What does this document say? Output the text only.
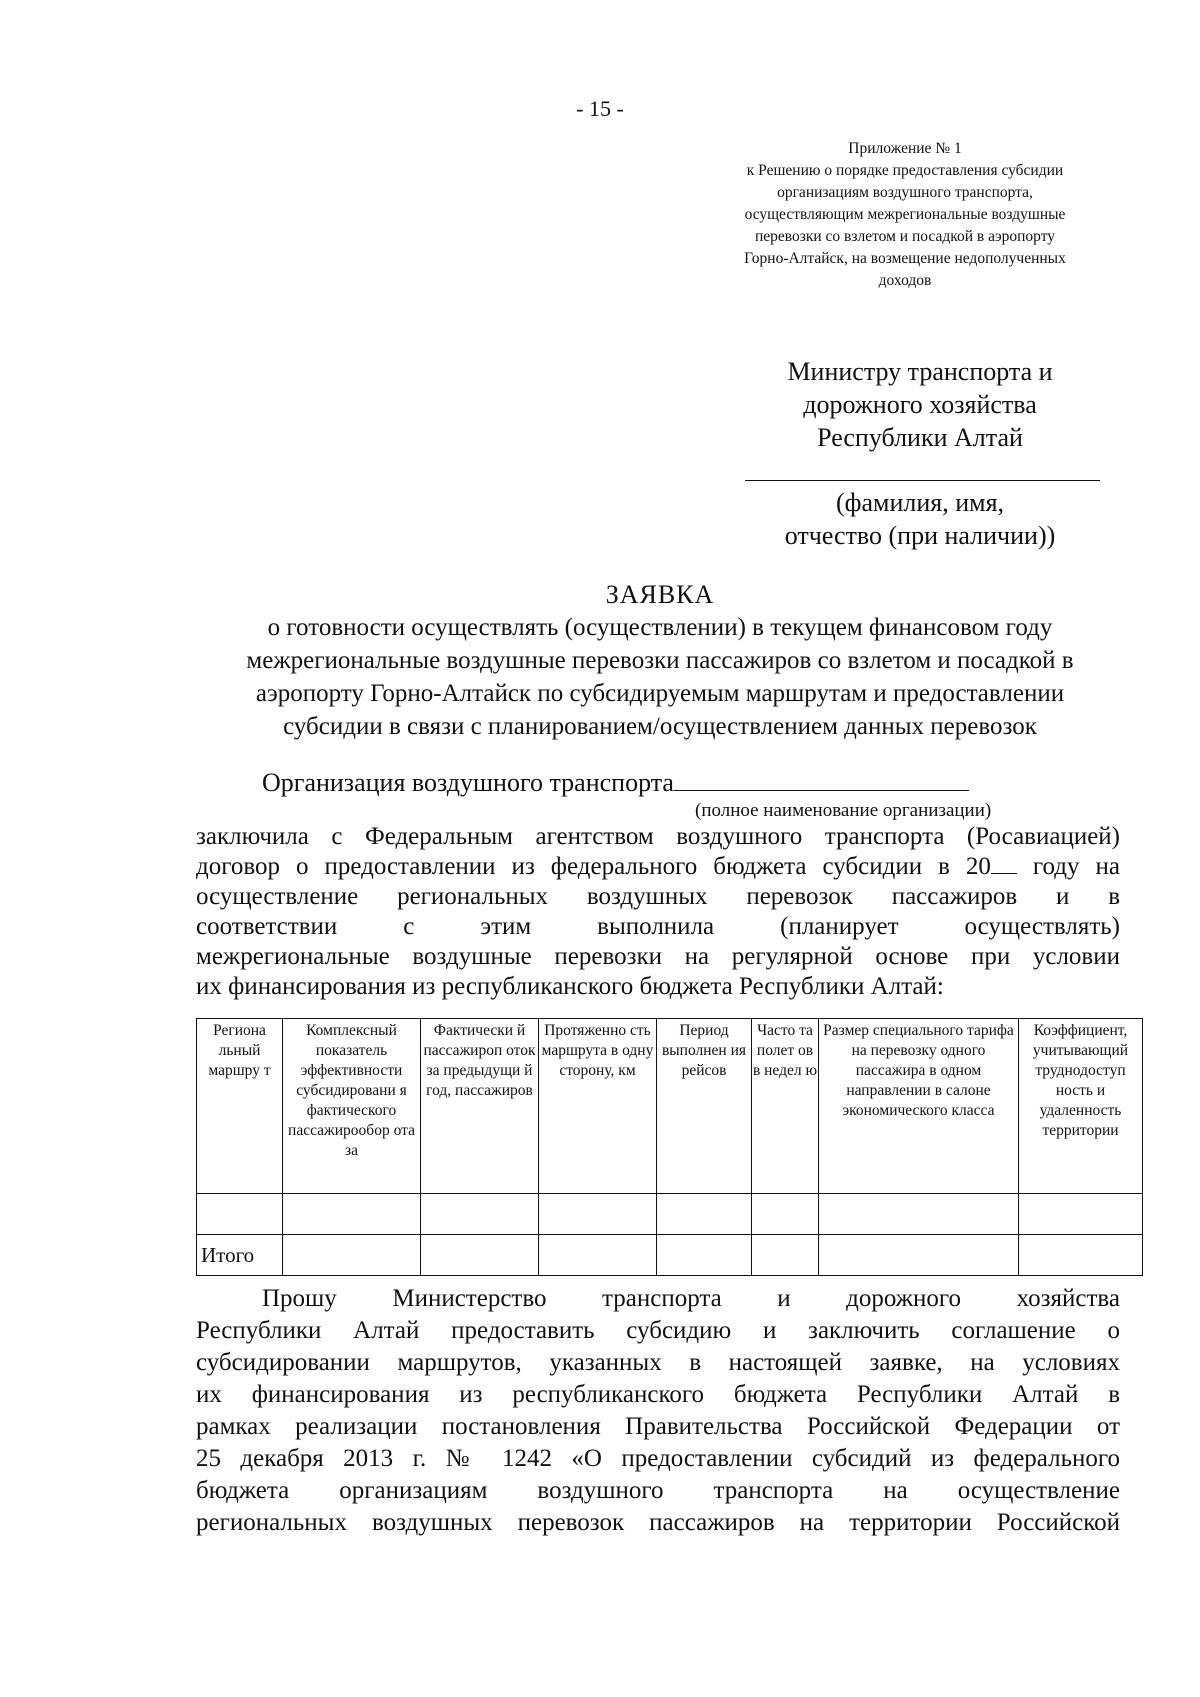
- 15 -
Приложение № 1
к Решению о порядке предоставления субсидии
организациям воздушного транспорта,
осуществляющим межрегиональные воздушные
перевозки со взлетом и посадкой в аэропорту
Горно-Алтайск, на возмещение недополученных
доходов
Министру транспорта и
дорожного хозяйства
Республики Алтай
(фамилия, имя,
отчество (при наличии))
ЗАЯВКА
о готовности осуществлять (осуществлении) в текущем финансовом году
межрегиональные воздушные перевозки пассажиров со взлетом и посадкой в
аэропорту Горно-Алтайск по субсидируемым маршрутам и предоставлении
субсидии в связи с планированием/осуществлением данных перевозок
Организация воздушного транспорта
(полное наименование организации)
заключила с Федеральным агентством воздушного транспорта (Росавиацией)
договор о предоставлении из федерального бюджета субсидии в 20 году на
осуществление региональных воздушных перевозок пассажиров и в
соответствии с этим выполнила (планирует осуществлять)
межрегиональные воздушные перевозки на регулярной основе при условии
их финансирования из республиканского бюджета Республики Алтай:
Региона льный маршру т	Комплексный показатель эффективности субсидировани я фактического пассажирообор ота за	Фактически й пассажироп оток за предыдущи й год, пассажиров	Протяженно сть маршрута в одну сторону, км	Период выполнен ия рейсов	Часто та полет ов в недел ю	Размер специального тарифа на перевозку одного пассажира в одном направлении в салоне экономического класса	Коэффициент, учитывающий труднодоступ ность и удаленность территории

Итого							
Прошу Министерство транспорта и дорожного хозяйства
Республики Алтай предоставить субсидию и заключить соглашение о
субсидировании маршрутов, указанных в настоящей заявке, на условиях
их финансирования из республиканского бюджета Республики Алтай в
рамках реализации постановления Правительства Российской Федерации от
25 декабря 2013 г. № 1242 «О предоставлении субсидий из федерального
бюджета организациям воздушного транспорта на осуществление
региональных воздушных перевозок пассажиров на территории Российской
